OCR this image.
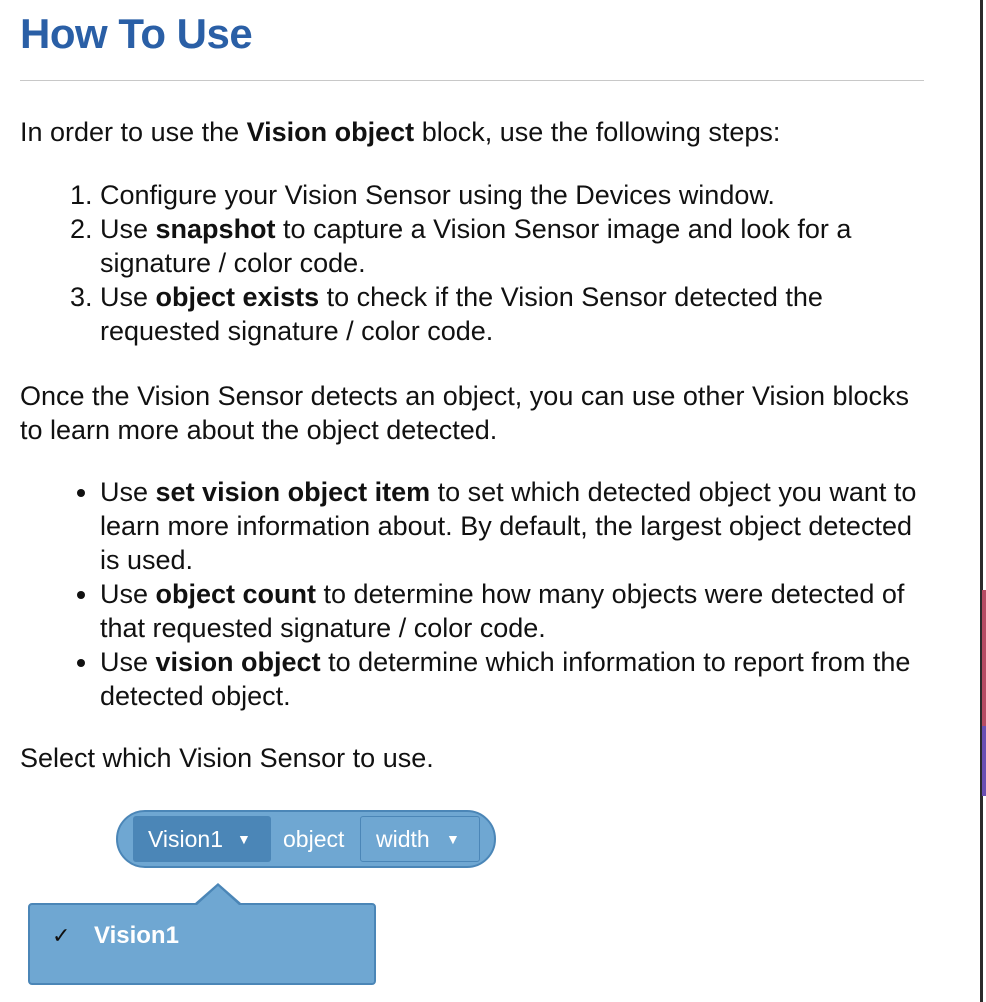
How To Use

In order to use the Vision object block, use the following steps:

1. Configure your Vision Sensor using the Devices window.
2. Use snapshot to capture a Vision Sensor image and look for a signature / color code.
3. Use object exists to check if the Vision Sensor detected the requested signature / color code.

Once the Vision Sensor detects an object, you can use other Vision blocks to learn more about the object detected.

• Use set vision object item to set which detected object you want to learn more information about. By default, the largest object detected is used.
• Use object count to determine how many objects were detected of that requested signature / color code.
• Use vision object to determine which information to report from the detected object.

Select which Vision Sensor to use.

Vision1 ▼ object	width ▼
✓ Vision1
